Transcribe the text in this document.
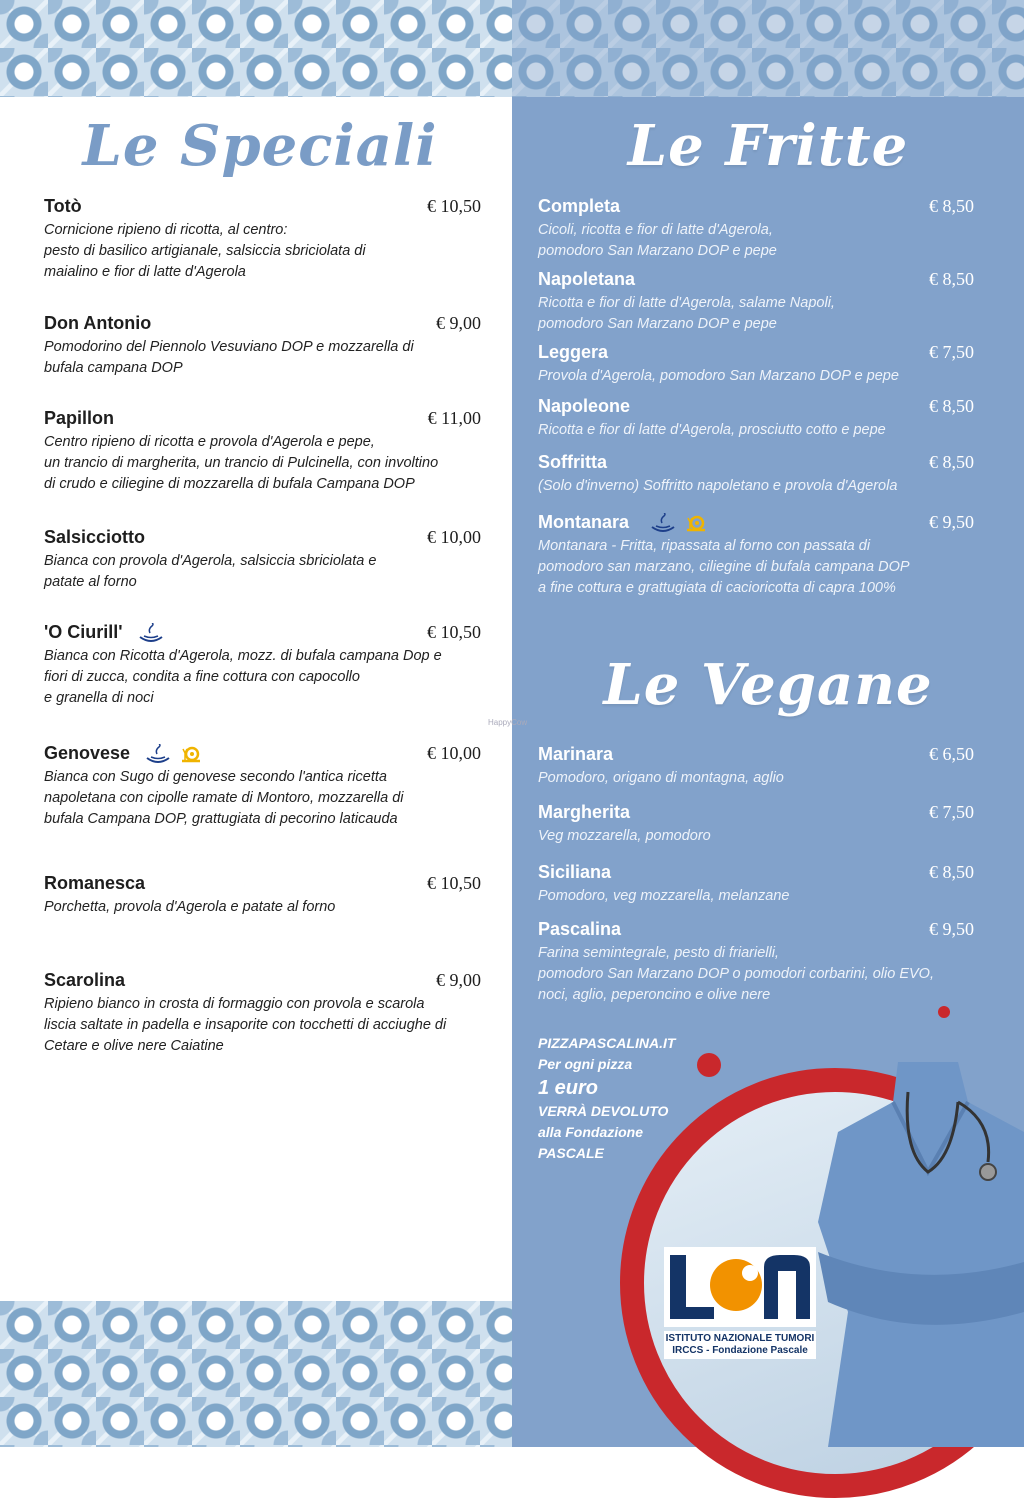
Le Speciali
Totò	€ 10,50
Cornicione ripieno di ricotta, al centro:
pesto di basilico artigianale, salsiccia sbriciolata di
maialino e fior di latte d'Agerola
Don Antonio	€ 9,00
Pomodorino del Piennolo Vesuviano DOP e mozzarella di
bufala campana DOP
Papillon	€ 11,00
Centro ripieno di ricotta e provola d'Agerola e pepe,
un trancio di margherita, un trancio di Pulcinella, con involtino
di crudo e ciliegine di mozzarella di bufala Campana DOP
Salsicciotto	€ 10,00
Bianca con provola d'Agerola, salsiccia sbriciolata e
patate al forno
'O Ciurill'	€ 10,50
Bianca con Ricotta d'Agerola, mozz. di bufala campana Dop e
fiori di zucca, condita a fine cottura con capocollo
e granella di noci
Genovese	€ 10,00
Bianca con Sugo di genovese secondo l'antica ricetta
napoletana con cipolle ramate di Montoro, mozzarella di
bufala Campana DOP, grattugiata di pecorino laticauda
Romanesca	€ 10,50
Porchetta, provola d'Agerola e patate al forno
Scarolina	€ 9,00
Ripieno bianco in crosta di formaggio con provola e scarola
liscia saltate in padella e insaporite con tocchetti di acciughe di
Cetare e olive nere Caiatine
HappyCow
Le Fritte
Completa	€ 8,50
Cicoli, ricotta e fior di latte d'Agerola,
pomodoro San Marzano DOP e pepe
Napoletana	€ 8,50
Ricotta e fior di latte d'Agerola, salame Napoli,
pomodoro San Marzano DOP e pepe
Leggera	€ 7,50
Provola d'Agerola, pomodoro San Marzano DOP e pepe
Napoleone	€ 8,50
Ricotta e fior di latte d'Agerola, prosciutto cotto e pepe
Soffritta	€ 8,50
(Solo d'inverno) Soffritto napoletano e provola d'Agerola
Montanara	€ 9,50
Montanara - Fritta, ripassata al forno con passata di
pomodoro san marzano, ciliegine di bufala campana DOP
a fine cottura e grattugiata di cacioricotta di capra 100%
Le Vegane
Marinara	€ 6,50
Pomodoro, origano di montagna, aglio
Margherita	€ 7,50
Veg mozzarella, pomodoro
Siciliana	€ 8,50
Pomodoro, veg mozzarella, melanzane
Pascalina	€ 9,50
Farina semintegrale, pesto di friarielli,
pomodoro San Marzano DOP o pomodori corbarini, olio EVO,
noci, aglio, peperoncino e olive nere
PIZZAPASCALINA.IT
Per ogni pizza
1 euro
VERRÀ DEVOLUTO
alla Fondazione
PASCALE
ISTITUTO NAZIONALE TUMORI
IRCCS - Fondazione Pascale
